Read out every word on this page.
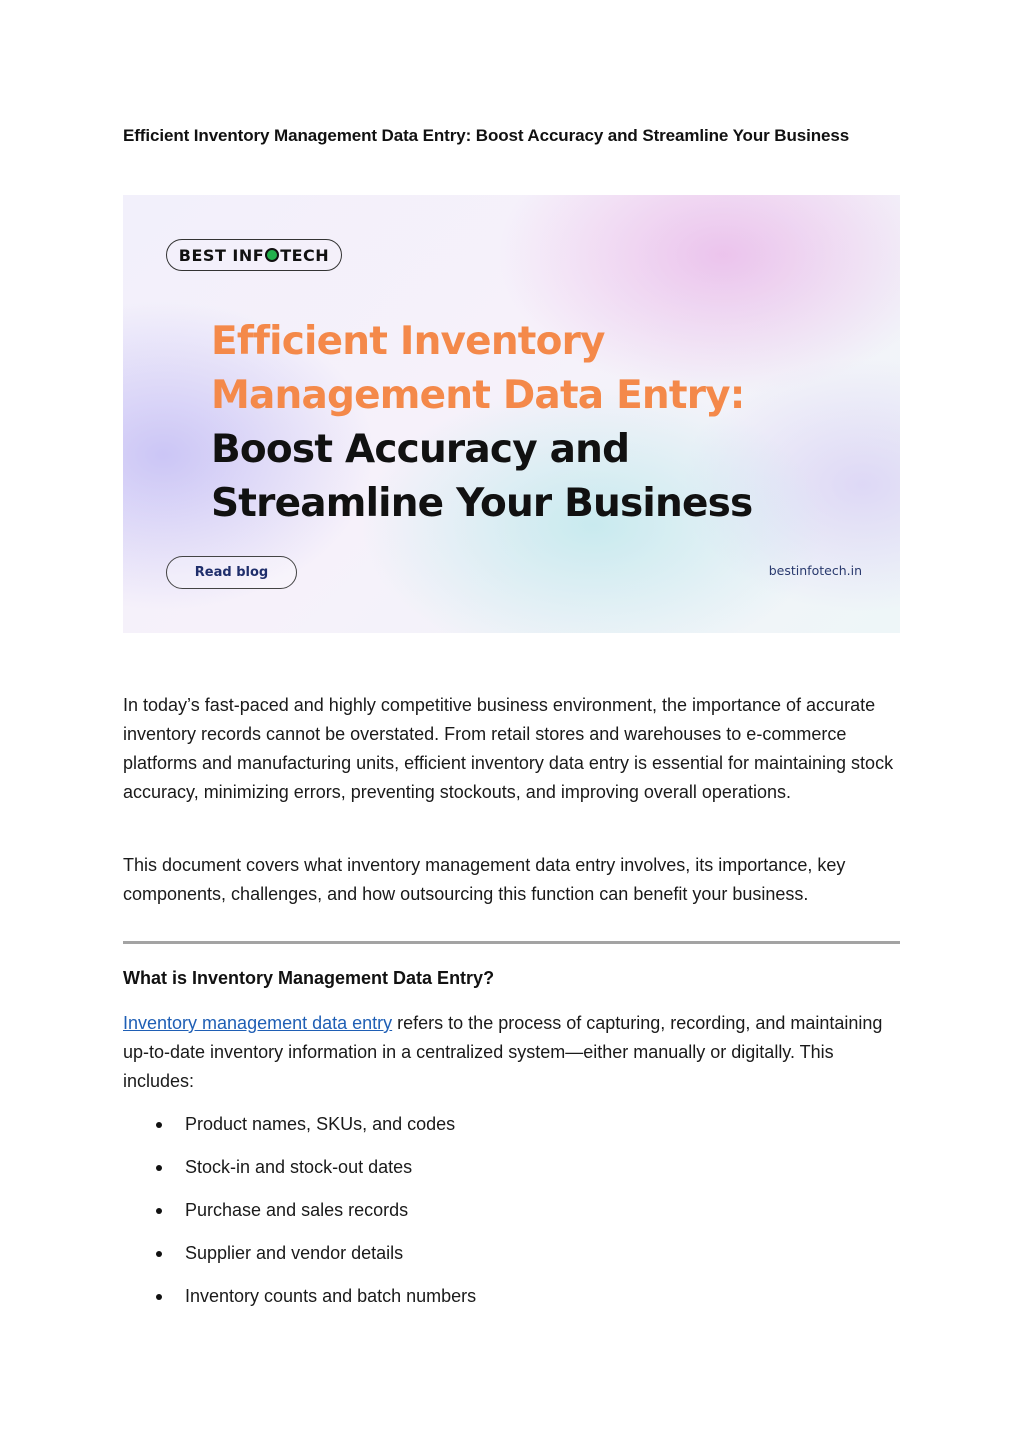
Efficient Inventory Management Data Entry: Boost Accuracy and Streamline Your Business
BEST INF TECH
Efficient Inventory
Management Data Entry:
Boost Accuracy and
Streamline Your Business
Read blog	bestinfotech.in

In today’s fast-paced and highly competitive business environment, the importance of accurate inventory records cannot be overstated. From retail stores and warehouses to e-commerce platforms and manufacturing units, efficient inventory data entry is essential for maintaining stock accuracy, minimizing errors, preventing stockouts, and improving overall operations.

This document covers what inventory management data entry involves, its importance, key components, challenges, and how outsourcing this function can benefit your business.

What is Inventory Management Data Entry?

Inventory management data entry refers to the process of capturing, recording, and maintaining up-to-date inventory information in a centralized system—either manually or digitally. This includes:

Product names, SKUs, and codes
Stock-in and stock-out dates
Purchase and sales records
Supplier and vendor details
Inventory counts and batch numbers
